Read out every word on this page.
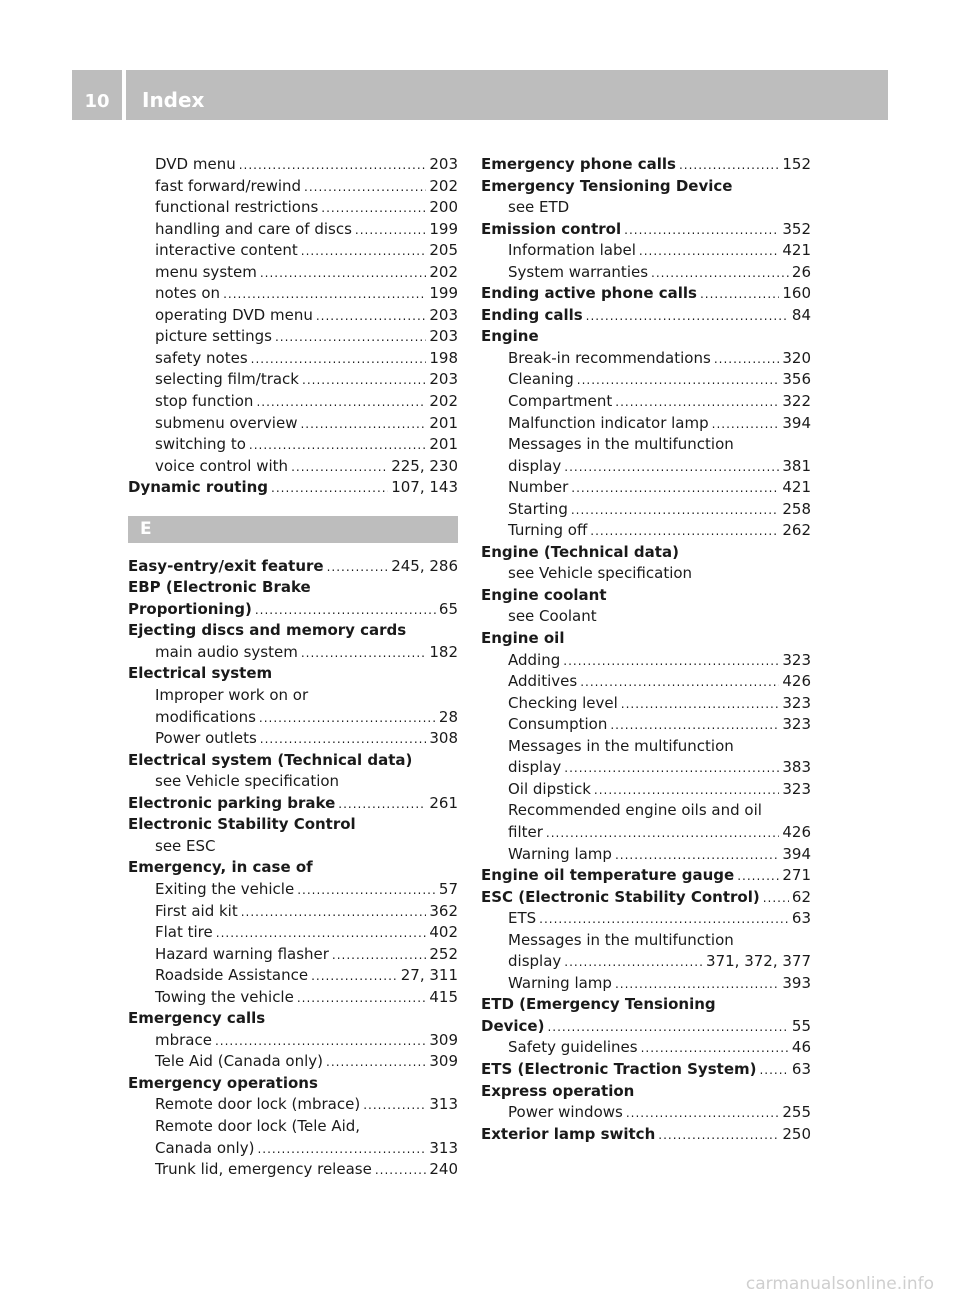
10	Index
DVD menu .....	203
fast forward/rewind .....	202
functional restrictions .....	200
handling and care of discs .....	199
interactive content .....	205
menu system .....	202
notes on .....	199
operating DVD menu .....	203
picture settings .....	203
safety notes .....	198
selecting film/track .....	203
stop function .....	202
submenu overview .....	201
switching to .....	201
voice control with .....	225, 230
Dynamic routing .....	107, 143
E
Easy-entry/exit feature .....	245, 286
EBP (Electronic Brake
Proportioning) .....	65
Ejecting discs and memory cards
main audio system .....	182
Electrical system
Improper work on or
modifications .....	28
Power outlets .....	308
Electrical system (Technical data)
see Vehicle specification
Electronic parking brake .....	261
Electronic Stability Control
see ESC
Emergency, in case of
Exiting the vehicle .....	57
First aid kit .....	362
Flat tire .....	402
Hazard warning flasher .....	252
Roadside Assistance .....	27, 311
Towing the vehicle .....	415
Emergency calls
mbrace .....	309
Tele Aid (Canada only) .....	309
Emergency operations
Remote door lock (mbrace) .....	313
Remote door lock (Tele Aid,
Canada only) .....	313
Trunk lid, emergency release .....	240
Emergency phone calls .....	152
Emergency Tensioning Device
see ETD
Emission control .....	352
Information label .....	421
System warranties .....	26
Ending active phone calls .....	160
Ending calls .....	84
Engine
Break-in recommendations .....	320
Cleaning .....	356
Compartment .....	322
Malfunction indicator lamp .....	394
Messages in the multifunction
display .....	381
Number .....	421
Starting .....	258
Turning off .....	262
Engine (Technical data)
see Vehicle specification
Engine coolant
see Coolant
Engine oil
Adding .....	323
Additives .....	426
Checking level .....	323
Consumption .....	323
Messages in the multifunction
display .....	383
Oil dipstick .....	323
Recommended engine oils and oil
filter .....	426
Warning lamp .....	394
Engine oil temperature gauge .....	271
ESC (Electronic Stability Control) ..... 62
ETS .....	63
Messages in the multifunction
display .....	371, 372, 377
Warning lamp .....	393
ETD (Emergency Tensioning
Device) .....	55
Safety guidelines .....	46
ETS (Electronic Traction System) ..... 63
Express operation
Power windows .....	255
Exterior lamp switch .....	250
carmanualsonline.info
